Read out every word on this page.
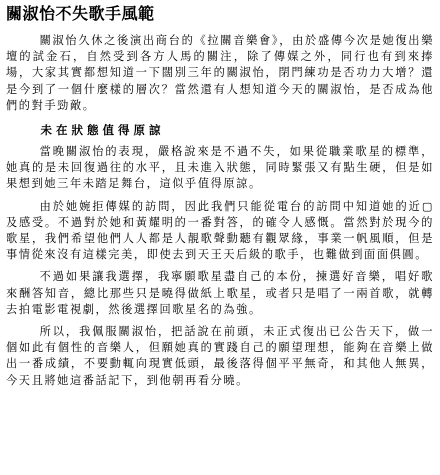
關淑怡不失歌手風範

關淑怡久休之後演出商台的《拉關音樂會》，由於盛傳今次是她復出樂壇的試金石，自然受到各方人馬的關注，除了傳媒之外，同行也有到來捧場，大家其實都想知道一下闊別三年的關淑怡，閉門練功是否功力大增？還是今到了一個什麼樣的層次？當然還有人想知道今天的關淑怡，是否成為他們的對手勁敵。

未在狀態值得原諒

當晚關淑怡的表現，嚴格說來是不過不失，如果從職業歌星的標準，她真的是未回復過往的水平，且未進入狀態，同時緊張又有點生硬，但是如果想到她三年未踏足舞台，這似乎值得原諒。

由於她婉拒傳媒的訪問，因此我們只能從電台的訪問中知道她的近▢及感受。不過對於她和黃耀明的一番對答，的確令人感慨。當然對於現今的歌星，我們希望他們人人都是人靚歌聲動聽有觀眾緣，事業一帆風順，但是事情從來沒有這樣完美，即使去到天王天后級的歌手，也難做到面面俱圓。

不過如果讓我選擇，我寧願歌星盡自己的本份，揀選好音樂，唱好歌來酬答知音，總比那些只是曉得做紙上歌星，或者只是唱了一兩首歌，就轉去拍電影電視劇，然後選擇回歌星名的為強。

所以，我佩服關淑怡，把話說在前頭，未正式復出已公告天下，做一個如此有個性的音樂人，但願她真的實踐自己的願望理想，能夠在音樂上做出一番成績，不要動輒向現實低頭，最後落得個平平無奇，和其他人無異，今天且將她這番話記下，到他朝再看分曉。
